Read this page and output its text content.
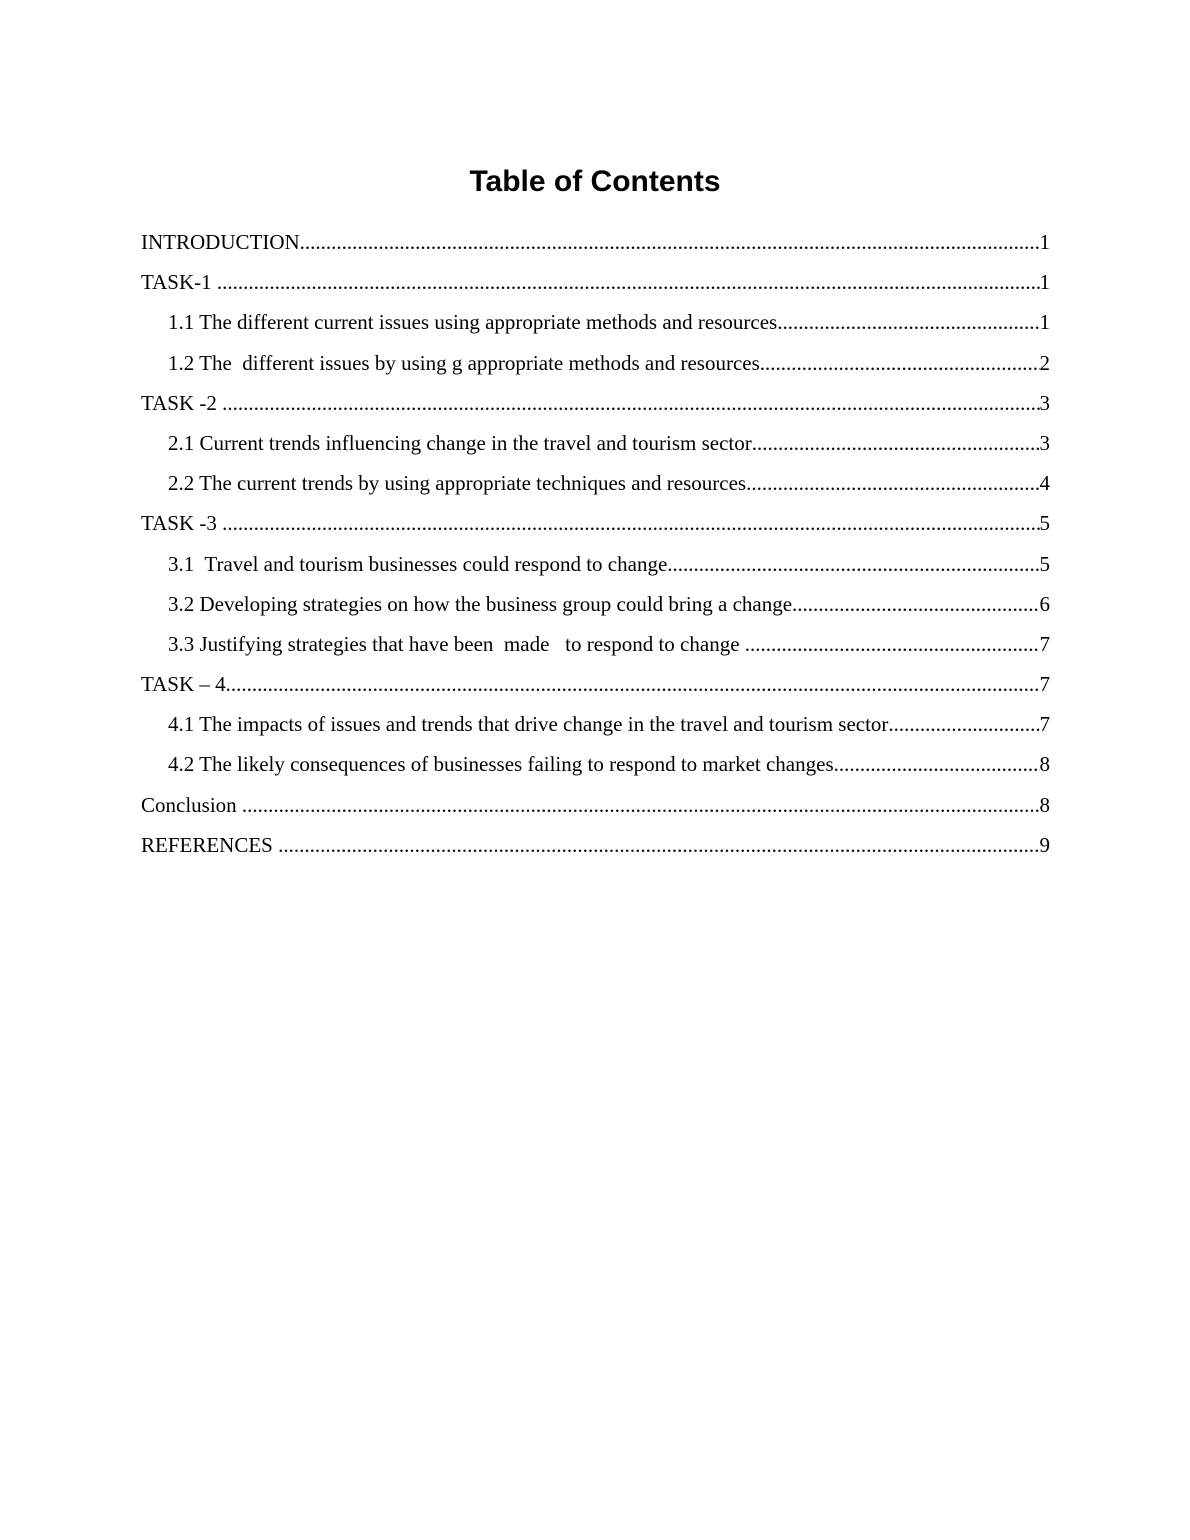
Table of Contents
INTRODUCTION .....	1
TASK-1 .....	1
1.1 The different current issues using appropriate methods and resources .....	1
1.2 The  different issues by using g appropriate methods and resources .....	2
TASK -2 .....	3
2.1 Current trends influencing change in the travel and tourism sector .....	3
2.2 The current trends by using appropriate techniques and resources .....	4
TASK -3 .....	5
3.1  Travel and tourism businesses could respond to change .....	5
3.2 Developing strategies on how the business group could bring a change .....	6
3.3 Justifying strategies that have been  made   to respond to change .....	7
TASK – 4 .....	7
4.1 The impacts of issues and trends that drive change in the travel and tourism sector .....	7
4.2 The likely consequences of businesses failing to respond to market changes .....	8
Conclusion .....	8
REFERENCES .....	9
